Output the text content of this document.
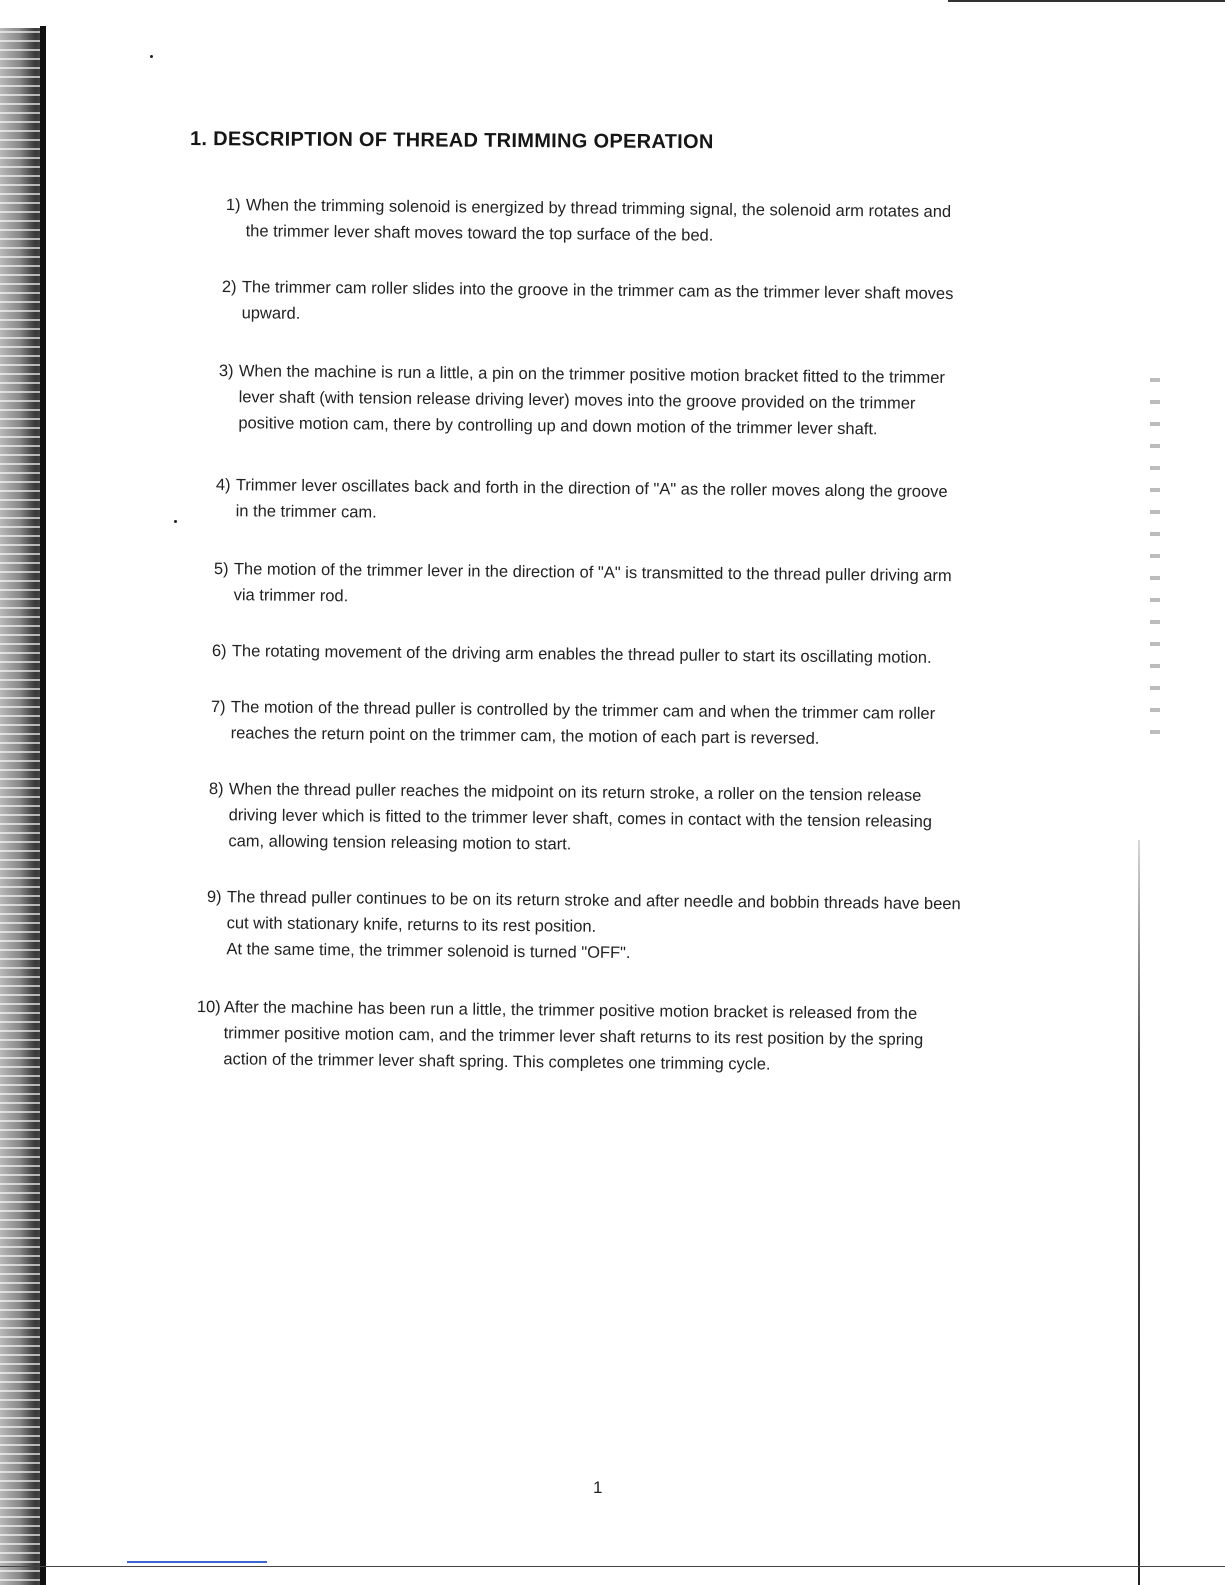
1. DESCRIPTION OF THREAD TRIMMING OPERATION
1) When the trimming solenoid is energized by thread trimming signal, the solenoid arm rotates and
the trimmer lever shaft moves toward the top surface of the bed.
2) The trimmer cam roller slides into the groove in the trimmer cam as the trimmer lever shaft moves
upward.
3) When the machine is run a little, a pin on the trimmer positive motion bracket fitted to the trimmer
lever shaft (with tension release driving lever) moves into the groove provided on the trimmer
positive motion cam, there by controlling up and down motion of the trimmer lever shaft.
4) Trimmer lever oscillates back and forth in the direction of "A" as the roller moves along the groove
in the trimmer cam.
5) The motion of the trimmer lever in the direction of "A" is transmitted to the thread puller driving arm
via trimmer rod.
6) The rotating movement of the driving arm enables the thread puller to start its oscillating motion.
7) The motion of the thread puller is controlled by the trimmer cam and when the trimmer cam roller
reaches the return point on the trimmer cam, the motion of each part is reversed.
8) When the thread puller reaches the midpoint on its return stroke, a roller on the tension release
driving lever which is fitted to the trimmer lever shaft, comes in contact with the tension releasing
cam, allowing tension releasing motion to start.
9) The thread puller continues to be on its return stroke and after needle and bobbin threads have been
cut with stationary knife, returns to its rest position.
At the same time, the trimmer solenoid is turned "OFF".
10) After the machine has been run a little, the trimmer positive motion bracket is released from the
trimmer positive motion cam, and the trimmer lever shaft returns to its rest position by the spring
action of the trimmer lever shaft spring. This completes one trimming cycle.
1
